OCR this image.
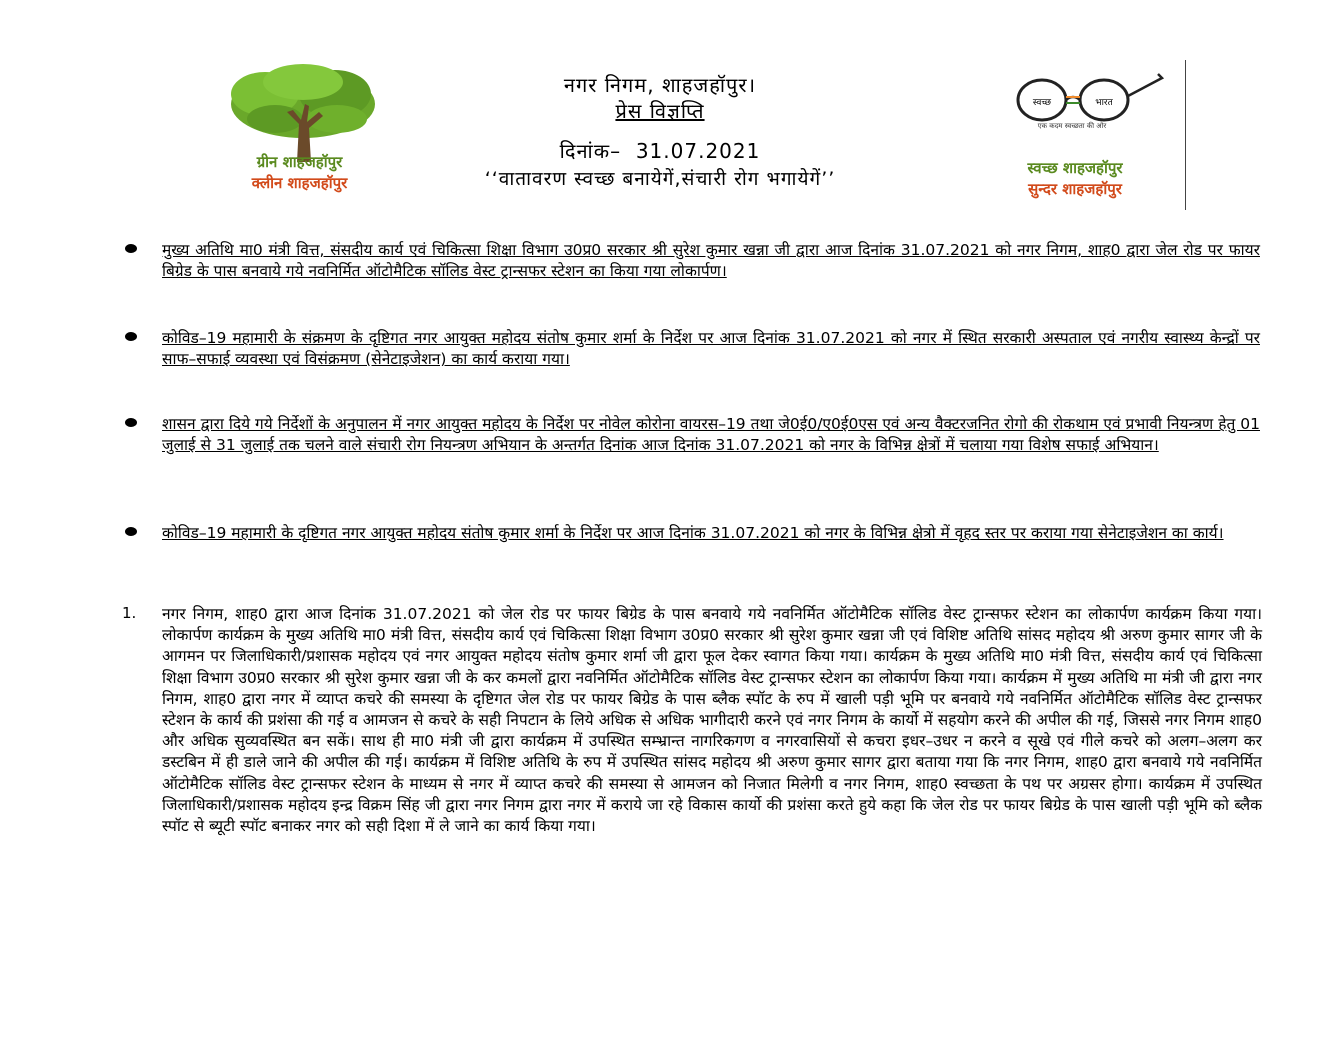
ग्रीन शाहजहॉपुर
क्लीन शाहजहॉपुर
नगर निगम, शाहजहॉपुर।
प्रेस विज्ञप्ति
दिनांक– 31.07.2021
‘‘वातावरण स्वच्छ बनायेगें,संचारी रोग भगायेगें’’
स्वच्छ	भारत
एक कदम स्वच्छता की ओर
स्वच्छ शाहजहॉपुर
सुन्दर शाहजहॉपुर
मुख्य अतिथि मा0 मंत्री वित्त, संसदीय कार्य एवं चिकित्सा शिक्षा विभाग उ0प्र0 सरकार श्री सुरेश कुमार खन्ना जी द्वारा आज दिनांक 31.07.2021 को नगर निगम, शाह0 द्वारा जेल रोड पर फायर बिग्रेड के पास बनवाये गये नवनिर्मित ऑटोमैटिक सॉलिड वेस्ट ट्रान्सफर स्टेशन का किया गया लोकार्पण।
कोविड–19 महामारी के संक्रमण के दृष्टिगत नगर आयुक्त महोदय संतोष कुमार शर्मा के निर्देश पर आज दिनांक 31.07.2021 को नगर में स्थित सरकारी अस्पताल एवं नगरीय स्वास्थ्य केन्द्रों पर साफ–सफाई व्यवस्था एवं विसंक्रमण (सेनेटाइजेशन) का कार्य कराया गया।
शासन द्वारा दिये गये निर्देशों के अनुपालन में नगर आयुक्त महोदय के निर्देश पर नोवेल कोरोना वायरस–19 तथा जे0ई0/ए0ई0एस एवं अन्य वैक्टरजनित रोगो की रोकथाम एवं प्रभावी नियन्त्रण हेतु 01 जुलाई से 31 जुलाई तक चलने वाले संचारी रोग नियन्त्रण अभियान के अन्तर्गत दिनांक आज दिनांक 31.07.2021 को नगर के विभिन्न क्षेत्रों में चलाया गया विशेष सफाई अभियान।
कोविड–19 महामारी के दृष्टिगत नगर आयुक्त महोदय संतोष कुमार शर्मा के निर्देश पर आज दिनांक 31.07.2021 को नगर के विभिन्न क्षेत्रो में वृहद स्तर पर कराया गया सेनेटाइजेशन का कार्य।
1. नगर निगम, शाह0 द्वारा आज दिनांक 31.07.2021 को जेल रोड पर फायर बिग्रेड के पास बनवाये गये नवनिर्मित ऑटोमैटिक सॉलिड वेस्ट ट्रान्सफर स्टेशन का लोकार्पण कार्यक्रम किया गया। लोकार्पण कार्यक्रम के मुख्य अतिथि मा0 मंत्री वित्त, संसदीय कार्य एवं चिकित्सा शिक्षा विभाग उ0प्र0 सरकार श्री सुरेश कुमार खन्ना जी एवं विशिष्ट अतिथि सांसद महोदय श्री अरुण कुमार सागर जी के आगमन पर जिलाधिकारी/प्रशासक महोदय एवं नगर आयुक्त महोदय संतोष कुमार शर्मा जी द्वारा फूल देकर स्वागत किया गया। कार्यक्रम के मुख्य अतिथि मा0 मंत्री वित्त, संसदीय कार्य एवं चिकित्सा शिक्षा विभाग उ0प्र0 सरकार श्री सुरेश कुमार खन्ना जी के कर कमलों द्वारा नवनिर्मित ऑटोमैटिक सॉलिड वेस्ट ट्रान्सफर स्टेशन का लोकार्पण किया गया। कार्यक्रम में मुख्य अतिथि मा मंत्री जी द्वारा नगर निगम, शाह0 द्वारा नगर में व्याप्त कचरे की समस्या के दृष्टिगत जेल रोड पर फायर बिग्रेड के पास ब्लैक स्पॉट के रुप में खाली पड़ी भूमि पर बनवाये गये नवनिर्मित ऑटोमैटिक सॉलिड वेस्ट ट्रान्सफर स्टेशन के कार्य की प्रशंसा की गई व आमजन से कचरे के सही निपटान के लिये अधिक से अधिक भागीदारी करने एवं नगर निगम के कार्यो में सहयोग करने की अपील की गई, जिससे नगर निगम शाह0 और अधिक सुव्यवस्थित बन सकें। साथ ही मा0 मंत्री जी द्वारा कार्यक्रम में उपस्थित सम्भ्रान्त नागरिकगण व नगरवासियों से कचरा इधर–उधर न करने व सूखे एवं गीले कचरे को अलग–अलग कर डस्टबिन में ही डाले जाने की अपील की गई। कार्यक्रम में विशिष्ट अतिथि के रुप में उपस्थित सांसद महोदय श्री अरुण कुमार सागर द्वारा बताया गया कि नगर निगम, शाह0 द्वारा बनवाये गये नवनिर्मित ऑटोमैटिक सॉलिड वेस्ट ट्रान्सफर स्टेशन के माध्यम से नगर में व्याप्त कचरे की समस्या से आमजन को निजात मिलेगी व नगर निगम, शाह0 स्वच्छता के पथ पर अग्रसर होगा। कार्यक्रम में उपस्थित जिलाधिकारी/प्रशासक महोदय इन्द्र विक्रम सिंह जी द्वारा नगर निगम द्वारा नगर में कराये जा रहे विकास कार्यो की प्रशंसा करते हुये कहा कि जेल रोड पर फायर बिग्रेड के पास खाली पड़ी भूमि को ब्लैक स्पॉट से ब्यूटी स्पॉट बनाकर नगर को सही दिशा में ले जाने का कार्य किया गया।
